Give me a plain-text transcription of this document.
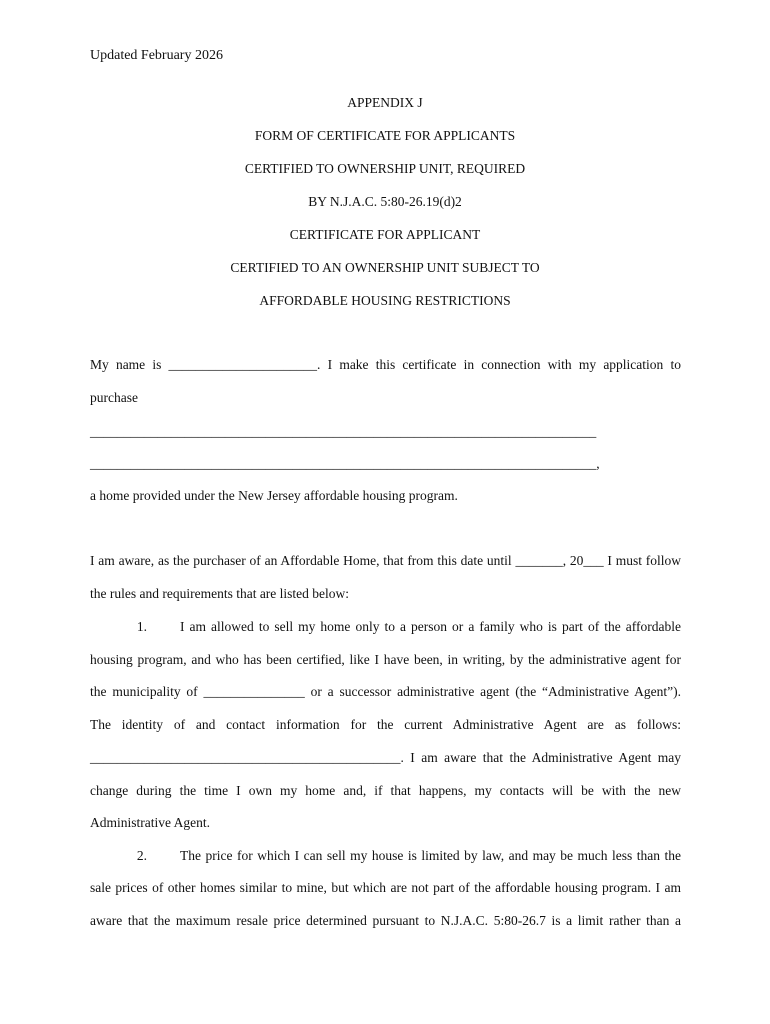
Updated February 2026
APPENDIX J
FORM OF CERTIFICATE FOR APPLICANTS
CERTIFIED TO OWNERSHIP UNIT, REQUIRED
BY N.J.A.C. 5:80-26.19(d)2
CERTIFICATE FOR APPLICANT
CERTIFIED TO AN OWNERSHIP UNIT SUBJECT TO
AFFORDABLE HOUSING RESTRICTIONS
My name is ______________________. I make this certificate in connection with my application to
purchase
___________________________________________________________________________
___________________________________________________________________________,
a home provided under the New Jersey affordable housing program.
I am aware, as the purchaser of an Affordable Home, that from this date until _______, 20___ I must follow
the rules and requirements that are listed below:
1. I am allowed to sell my home only to a person or a family who is part of the affordable
housing program, and who has been certified, like I have been, in writing, by the administrative agent for
the municipality of _______________ or a successor administrative agent (the “Administrative Agent”).
The identity of and contact information for the current Administrative Agent are as follows:
______________________________________________. I am aware that the Administrative Agent may
change during the time I own my home and, if that happens, my contacts will be with the new
Administrative Agent.
2. The price for which I can sell my house is limited by law, and may be much less than the
sale prices of other homes similar to mine, but which are not part of the affordable housing program. I am
aware that the maximum resale price determined pursuant to N.J.A.C. 5:80-26.7 is a limit rather than a
